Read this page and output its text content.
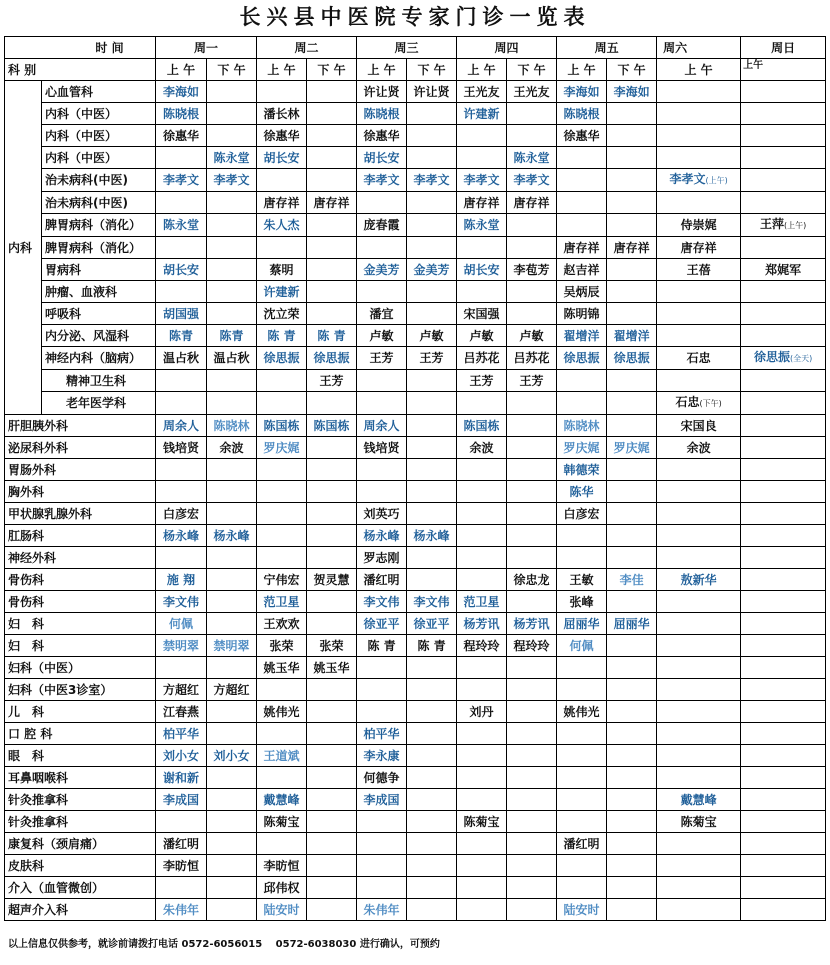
长兴县中医院专家门诊一览表
时 间		周一		周二		周三		周四		周五		周六	周日
科 别		上 午	下 午	上 午	下 午	上 午	下 午	上 午	下 午	上 午	下 午	上 午	上午
内科	心血管科	李海如				许让贤	许让贤	王光友	王光友	李海如	李海如		
	内科（中医）	陈晓根		潘长林		陈晓根		许建新		陈晓根			
	内科（中医）	徐惠华		徐惠华		徐惠华				徐惠华			
	内科（中医）		陈永堂	胡长安		胡长安			陈永堂				
	治未病科(中医)	李孝文	李孝文			李孝文	李孝文	李孝文	李孝文			李孝文(上午)	
	治未病科(中医)			唐存祥	唐存祥			唐存祥	唐存祥				
	脾胃病科（消化）	陈永堂		朱人杰		庞春霞		陈永堂				侍崇娓	王萍(上午)
	脾胃病科（消化）									唐存祥	唐存祥	唐存祥	
	胃病科	胡长安		蔡明		金美芳	金美芳	胡长安	李苞芳	赵吉祥		王蓓	郑娓军
	肿瘤、血液科			许建新						吴炳辰			
	呼吸科	胡国强		沈立荣		潘宜		宋国强		陈明锦			
	内分泌、风湿科	陈青	陈青	陈 青	陈 青	卢敏	卢敏	卢敏	卢敏	翟增洋	翟增洋		
	神经内科（脑病）	温占秋	温占秋	徐思振	徐思振	王芳	王芳	吕苏花	吕苏花	徐思振	徐思振	石忠	徐思振(全天)
	精神卫生科				王芳			王芳	王芳				
	老年医学科											石忠(下午)	
肝胆胰外科		周余人	陈晓林	陈国栋	陈国栋	周余人		陈国栋		陈晓林		宋国良	
泌尿科外科		钱培贤	余波	罗庆娓		钱培贤		余波		罗庆娓	罗庆娓	余波	
胃肠外科										韩德荣			
胸外科										陈华			
甲状腺乳腺外科		白彦宏				刘英巧				白彦宏			
肛肠科		杨永峰	杨永峰			杨永峰	杨永峰						
神经外科						罗志刚							
骨伤科		施 翔		宁伟宏	贺灵慧	潘红明			徐忠龙	王敏	李佳	敖新华	
骨伤科		李文伟		范卫星		李文伟	李文伟	范卫星		张峰			
妇　科		何佩		王欢欢		徐亚平	徐亚平	杨芳讯	杨芳讯	屈丽华	屈丽华		
妇　科		禁明翠	禁明翠	张荣	张荣	陈 青	陈 青	程玲玲	程玲玲	何佩			
妇科（中医）				姚玉华	姚玉华								
妇科（中医3诊室）		方超红	方超红										
儿　科		江春燕		姚伟光				刘丹		姚伟光			
口 腔 科		柏平华				柏平华							
眼　科		刘小女	刘小女	王道斌		李永康							
耳鼻咽喉科		谢和新				何德争							
针灸推拿科		李成国		戴慧峰		李成国						戴慧峰	
针灸推拿科				陈菊宝				陈菊宝				陈菊宝	
康复科（颈肩痛）		潘红明								潘红明			
皮肤科		李昉恒		李昉恒									
介入（血管微创）				邱伟权									
超声介入科		朱伟年		陆安时		朱伟年				陆安时			
以上信息仅供参考，就诊前请拨打电话 0572-6056015　 0572-6038030 进行确认，可预约
